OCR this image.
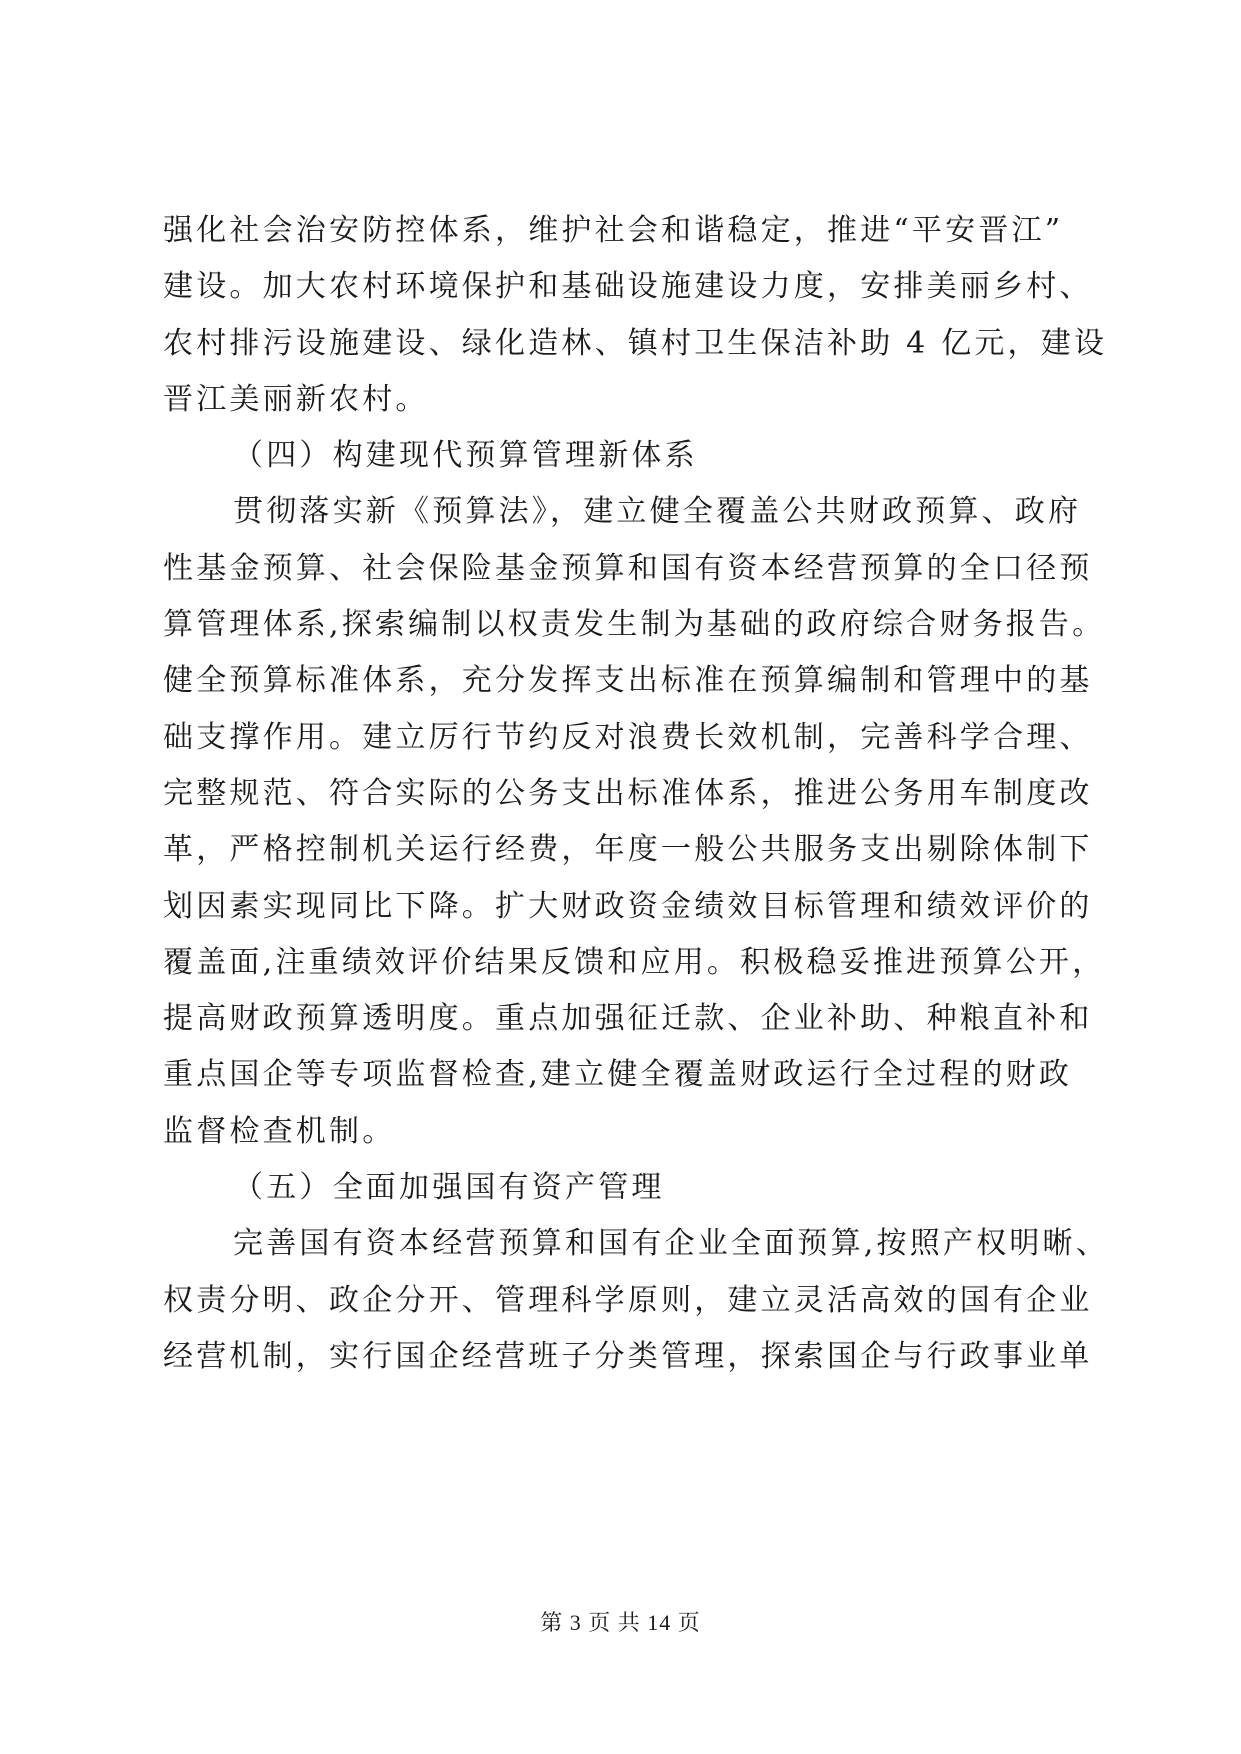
强化社会治安防控体系，维护社会和谐稳定，推进“平安晋江”
建设。加大农村环境保护和基础设施建设力度，安排美丽乡村、
农村排污设施建设、绿化造林、镇村卫生保洁补助 4 亿元，建设
晋江美丽新农村。
（四）构建现代预算管理新体系
贯彻落实新《预算法》，建立健全覆盖公共财政预算、政府
性基金预算、社会保险基金预算和国有资本经营预算的全口径预
算管理体系,探索编制以权责发生制为基础的政府综合财务报告。
健全预算标准体系，充分发挥支出标准在预算编制和管理中的基
础支撑作用。建立厉行节约反对浪费长效机制，完善科学合理、
完整规范、符合实际的公务支出标准体系，推进公务用车制度改
革，严格控制机关运行经费，年度一般公共服务支出剔除体制下
划因素实现同比下降。扩大财政资金绩效目标管理和绩效评价的
覆盖面,注重绩效评价结果反馈和应用。积极稳妥推进预算公开，
提高财政预算透明度。重点加强征迁款、企业补助、种粮直补和
重点国企等专项监督检查,建立健全覆盖财政运行全过程的财政
监督检查机制。
（五）全面加强国有资产管理
完善国有资本经营预算和国有企业全面预算,按照产权明晰、
权责分明、政企分开、管理科学原则，建立灵活高效的国有企业
经营机制，实行国企经营班子分类管理，探索国企与行政事业单
第 3 页 共 14 页
